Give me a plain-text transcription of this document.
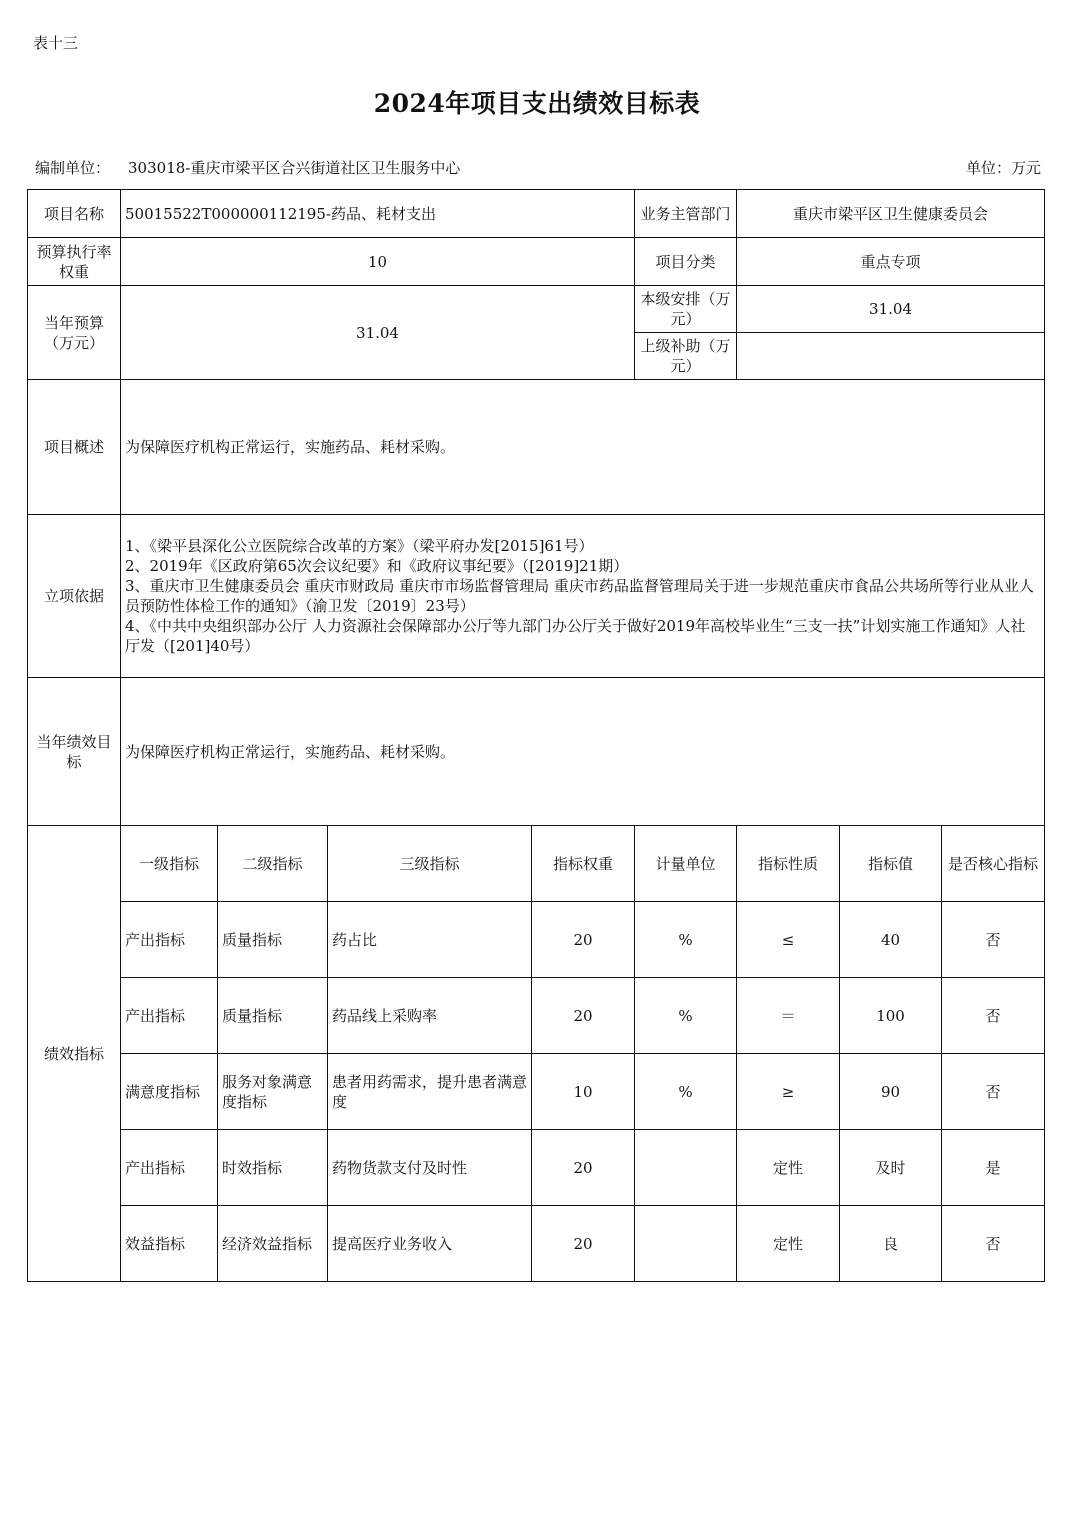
表十三
2024年项目支出绩效目标表
编制单位： 303018-重庆市梁平区合兴街道社区卫生服务中心	单位：万元
项目名称	50015522T000000112195-药品、耗材支出				业务主管部门	重庆市梁平区卫生健康委员会		
预算执行率权重	10				项目分类	重点专项		
当年预算（万元）	31.04				本级安排（万元）	31.04		
					上级补助（万元）			
项目概述	为保障医疗机构正常运行，实施药品、耗材采购。							
立项依据	1、《梁平县深化公立医院综合改革的方案》（梁平府办发[2015]61号）
2、2019年《区政府第65次会议纪要》和《政府议事纪要》（[2019]21期）
3、重庆市卫生健康委员会 重庆市财政局 重庆市市场监督管理局 重庆市药品监督管理局关于进一步规范重庆市食品公共场所等行业从业人员预防性体检工作的通知》（渝卫发〔2019〕23号）
4、《中共中央组织部办公厅 人力资源社会保障部办公厅等九部门办公厅关于做好2019年高校毕业生“三支一扶”计划实施工作通知》人社厅发（[201]40号）							

当年绩效目标	为保障医疗机构正常运行，实施药品、耗材采购。							
绩效指标	一级指标	二级指标	三级指标	指标权重	计量单位	指标性质	指标值	是否核心指标
	产出指标	质量指标	药占比	20	%	≤	40	否
	产出指标	质量指标	药品线上采购率	20	%	＝	100	否
	满意度指标	服务对象满意度指标	患者用药需求，提升患者满意度	10	%	≥	90	否
	产出指标	时效指标	药物货款支付及时性	20		定性	及时	是
	效益指标	经济效益指标	提高医疗业务收入	20		定性	良	否
